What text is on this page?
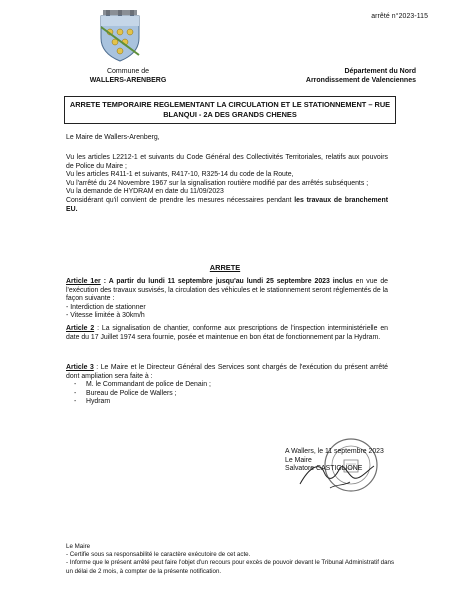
arrêté n°2023-115
Commune de
WALLERS-ARENBERG
Département du Nord
Arrondissement de Valenciennes
ARRETE TEMPORAIRE REGLEMENTANT LA CIRCULATION ET LE STATIONNEMENT – RUE BLANQUI - 2A DES GRANDS CHENES
Le Maire de Wallers-Arenberg,

Vu les articles L2212-1 et suivants du Code Général des Collectivités Territoriales, relatifs aux pouvoirs de Police du Maire ;

Vu les articles R411-1 et suivants, R417-10, R325-14 du code de la Route,

Vu l'arrêté du 24 Novembre 1967 sur la signalisation routière modifié par des arrêtés subséquents ;

Vu la demande de HYDRAM en date du 11/09/2023

Considérant qu'il convient de prendre les mesures nécessaires pendant les travaux de branchement EU.

ARRETE

Article 1er : A partir du lundi 11 septembre jusqu'au lundi 25 septembre 2023 inclus en vue de l'exécution des travaux susvisés, la circulation des véhicules et le stationnement seront réglementés de la façon suivante :

- Interdiction de stationner

- Vitesse limitée à 30km/h

Article 2 : La signalisation de chantier, conforme aux prescriptions de l'inspection interministérielle en date du 17 Juillet 1974 sera fournie, posée et maintenue en bon état de fonctionnement par la Hydram.

Article 3 : Le Maire et le Directeur Général des Services sont chargés de l'exécution du présent arrêté dont ampliation sera faite à :

- M. le Commandant de police de Denain ;
- Bureau de Police de Wallers ;
- Hydram
A Wallers, le 11 septembre 2023
Le Maire
Salvatore CASTIGLIONE

Le Maire

- Certifie sous sa responsabilité le caractère exécutoire de cet acte.

- Informe que le présent arrêté peut faire l'objet d'un recours pour excès de pouvoir devant le Tribunal Administratif dans un délai de 2 mois, à compter de la présente notification.
